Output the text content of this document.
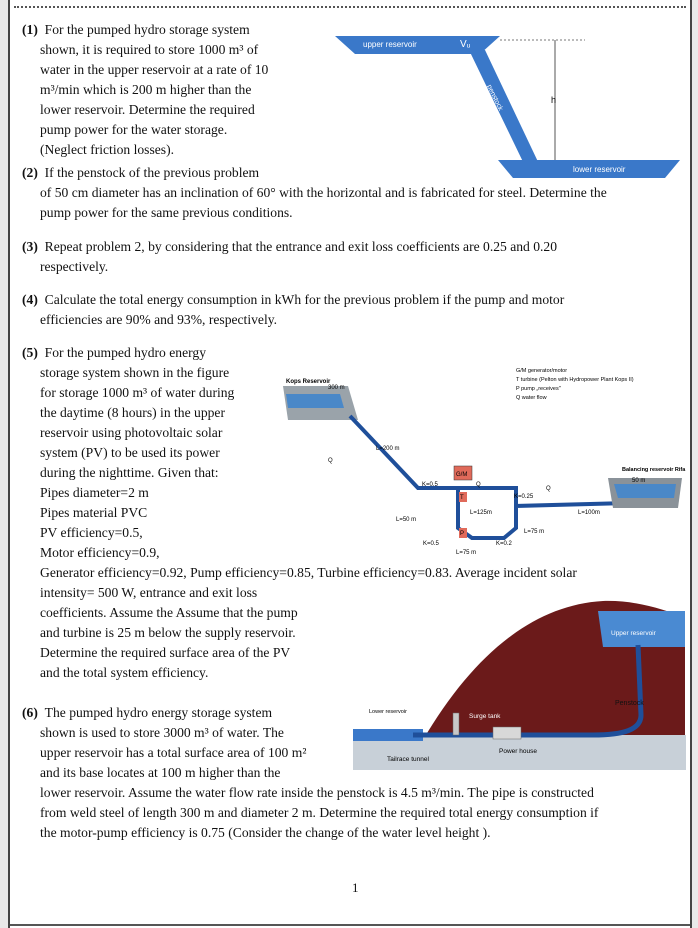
(1) For the pumped hydro storage system

shown, it is required to store 1000 m³ of

water in the upper reservoir at a rate of 10

m³/min which is 200 m higher than the

lower reservoir. Determine the required

pump power for the water storage.

(Neglect friction losses).

upper reservoir	Vᵤ
penstock	h
lower reservoir

(2) If the penstock of the previous problem

of 50 cm diameter has an inclination of 60° with the horizontal and is fabricated for steel. Determine the

pump power for the same previous conditions.

(3) Repeat problem 2, by considering that the entrance and exit loss coefficients are 0.25 and 0.20

respectively.

(4) Calculate the total energy consumption in kWh for the previous problem if the pump and motor

efficiencies are 90% and 93%, respectively.

(5) For the pumped hydro energy

storage system shown in the figure

for storage 1000 m³ of water during

the daytime (8 hours) in the upper

reservoir using photovoltaic solar

system (PV) to be used its power

during the nighttime. Given that:

Pipes diameter=2 m

Pipes material PVC

PV efficiency=0.5,

Motor efficiency=0.9,

Generator efficiency=0.92, Pump efficiency=0.85, Turbine efficiency=0.83. Average incident solar

intensity= 500 W, entrance and exit loss

coefficients. Assume the Assume that the pump

and turbine is 25 m below the supply reservoir.

Determine the required surface area of the PV

and the total system efficiency.

Kops Reservoir
300 m
G/M generator/motor
T turbine (Pelton with Hydropower Plant Kops II)
P pump „receives"
Q water flow
G/M
T
P
Balancing reservoir Rifa
50 m
L=200 m
Q
K=0.5	Q
L=125m
K=0.25
Q
L=100m
L=50 m
L=75 m
K=0.5
L=75 m
K=0.2
Upper reservoir
Penstock
Lower reservoir
Surge tank
Power house
Tailrace tunnel

(6) The pumped hydro energy storage system

shown is used to store 3000 m³ of water. The

upper reservoir has a total surface area of 100 m²

and its base locates at 100 m higher than the

lower reservoir. Assume the water flow rate inside the penstock is 4.5 m³/min. The pipe is constructed

from weld steel of length 300 m and diameter 2 m. Determine the required total energy consumption if

the motor-pump efficiency is 0.75 (Consider the change of the water level height ).

1
